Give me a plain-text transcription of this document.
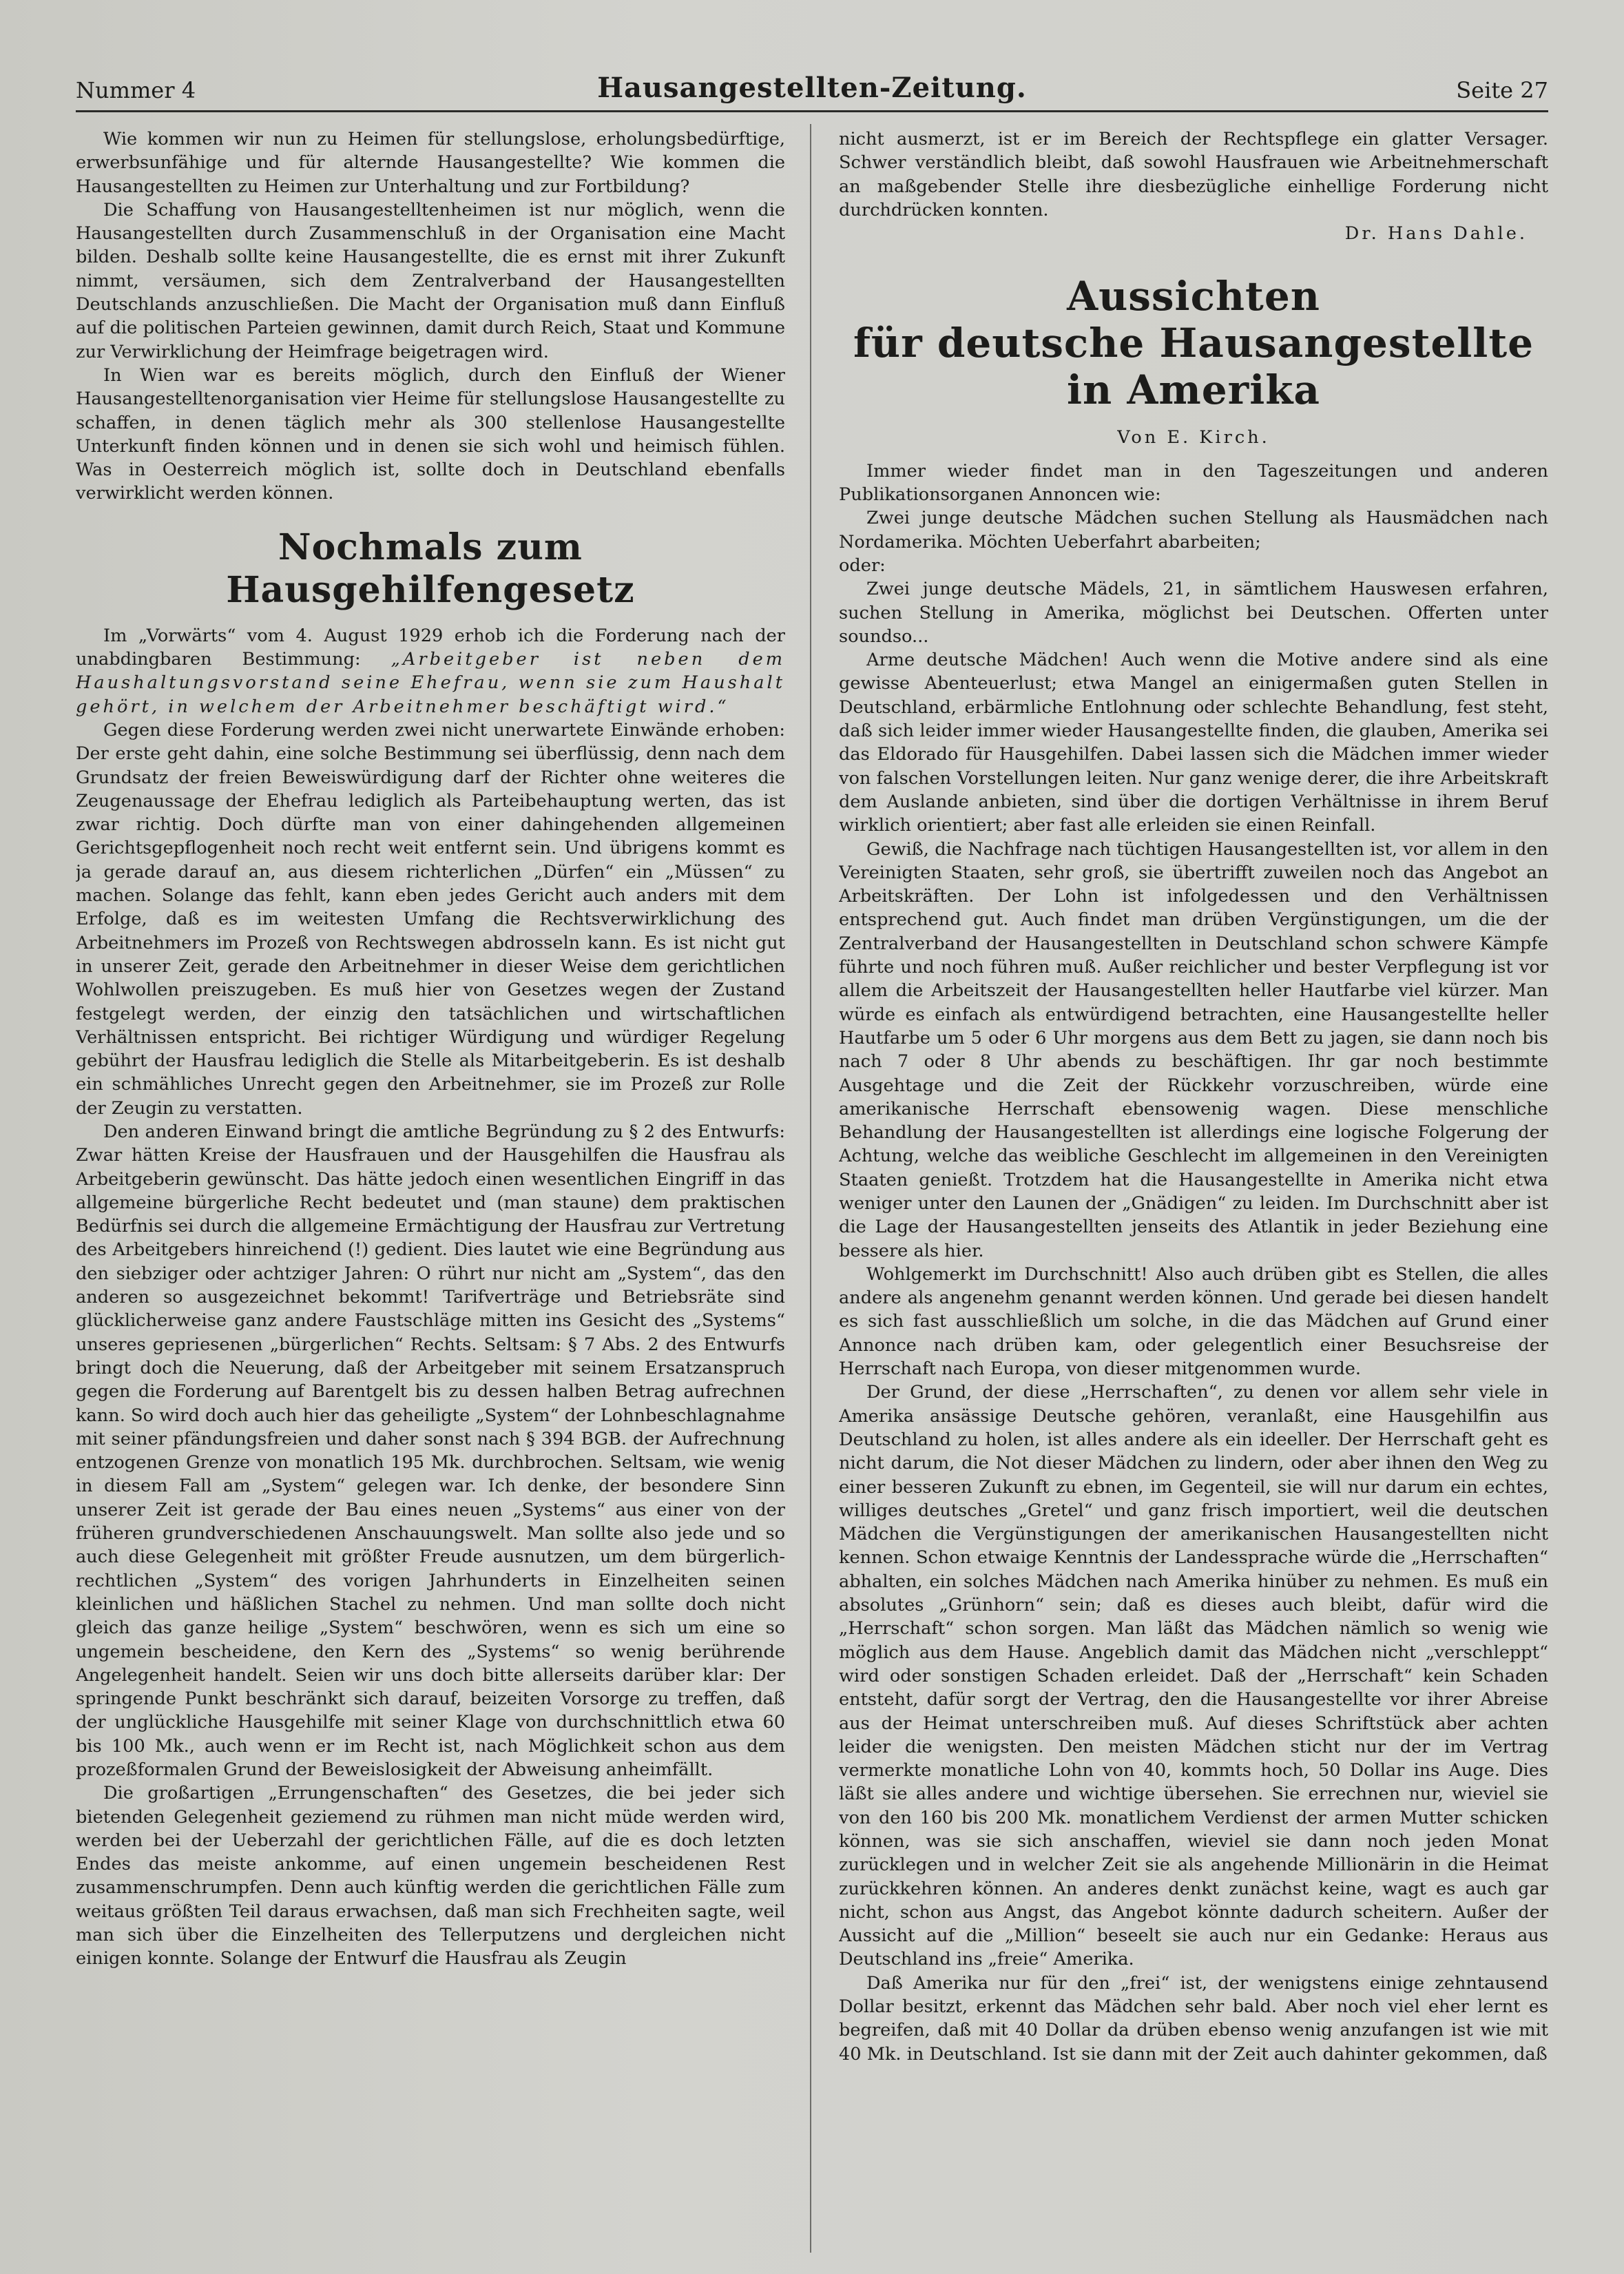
Nummer 4	Hausangestellten-Zeitung.	Seite 27

Wie kommen wir nun zu Heimen für stellungslose, erholungsbedürftige, erwerbsunfähige und für alternde Hausangestellte? Wie kommen die Hausangestellten zu Heimen zur Unterhaltung und zur Fortbildung?

Die Schaffung von Hausangestelltenheimen ist nur möglich, wenn die Hausangestellten durch Zusammenschluß in der Organisation eine Macht bilden. Deshalb sollte keine Hausangestellte, die es ernst mit ihrer Zukunft nimmt, versäumen, sich dem Zentralverband der Hausangestellten Deutschlands anzuschließen. Die Macht der Organisation muß dann Einfluß auf die politischen Parteien gewinnen, damit durch Reich, Staat und Kommune zur Verwirklichung der Heimfrage beigetragen wird.

In Wien war es bereits möglich, durch den Einfluß der Wiener Hausangestelltenorganisation vier Heime für stellungslose Hausangestellte zu schaffen, in denen täglich mehr als 300 stellenlose Hausangestellte Unterkunft finden können und in denen sie sich wohl und heimisch fühlen. Was in Oesterreich möglich ist, sollte doch in Deutschland ebenfalls verwirklicht werden können.

Nochmals zum Hausgehilfengesetz

Im „Vorwärts“ vom 4. August 1929 erhob ich die Forderung nach der unabdingbaren Bestimmung: „Arbeitgeber ist neben dem Haushaltungsvorstand seine Ehefrau, wenn sie zum Haushalt gehört, in welchem der Arbeitnehmer beschäftigt wird.“

Gegen diese Forderung werden zwei nicht unerwartete Einwände erhoben: Der erste geht dahin, eine solche Bestimmung sei überflüssig, denn nach dem Grundsatz der freien Beweiswürdigung darf der Richter ohne weiteres die Zeugenaussage der Ehefrau lediglich als Parteibehauptung werten, das ist zwar richtig. Doch dürfte man von einer dahingehenden allgemeinen Gerichtsgepflogenheit noch recht weit entfernt sein. Und übrigens kommt es ja gerade darauf an, aus diesem richterlichen „Dürfen“ ein „Müssen“ zu machen. Solange das fehlt, kann eben jedes Gericht auch anders mit dem Erfolge, daß es im weitesten Umfang die Rechtsverwirklichung des Arbeitnehmers im Prozeß von Rechtswegen abdrosseln kann. Es ist nicht gut in unserer Zeit, gerade den Arbeitnehmer in dieser Weise dem gerichtlichen Wohlwollen preiszugeben. Es muß hier von Gesetzes wegen der Zustand festgelegt werden, der einzig den tatsächlichen und wirtschaftlichen Verhältnissen entspricht. Bei richtiger Würdigung und würdiger Regelung gebührt der Hausfrau lediglich die Stelle als Mitarbeitgeberin. Es ist deshalb ein schmähliches Unrecht gegen den Arbeitnehmer, sie im Prozeß zur Rolle der Zeugin zu verstatten.

Den anderen Einwand bringt die amtliche Begründung zu § 2 des Entwurfs: Zwar hätten Kreise der Hausfrauen und der Hausgehilfen die Hausfrau als Arbeitgeberin gewünscht. Das hätte jedoch einen wesentlichen Eingriff in das allgemeine bürgerliche Recht bedeutet und (man staune) dem praktischen Bedürfnis sei durch die allgemeine Ermächtigung der Hausfrau zur Vertretung des Arbeitgebers hinreichend (!) gedient. Dies lautet wie eine Begründung aus den siebziger oder achtziger Jahren: O rührt nur nicht am „System“, das den anderen so ausgezeichnet bekommt! Tarifverträge und Betriebsräte sind glücklicherweise ganz andere Faustschläge mitten ins Gesicht des „Systems“ unseres gepriesenen „bürgerlichen“ Rechts. Seltsam: § 7 Abs. 2 des Entwurfs bringt doch die Neuerung, daß der Arbeitgeber mit seinem Ersatzanspruch gegen die Forderung auf Barentgelt bis zu dessen halben Betrag aufrechnen kann. So wird doch auch hier das geheiligte „System“ der Lohnbeschlagnahme mit seiner pfändungsfreien und daher sonst nach § 394 BGB. der Aufrechnung entzogenen Grenze von monatlich 195 Mk. durchbrochen. Seltsam, wie wenig in diesem Fall am „System“ gelegen war. Ich denke, der besondere Sinn unserer Zeit ist gerade der Bau eines neuen „Systems“ aus einer von der früheren grundverschiedenen Anschauungswelt. Man sollte also jede und so auch diese Gelegenheit mit größter Freude ausnutzen, um dem bürgerlich-rechtlichen „System“ des vorigen Jahrhunderts in Einzelheiten seinen kleinlichen und häßlichen Stachel zu nehmen. Und man sollte doch nicht gleich das ganze heilige „System“ beschwören, wenn es sich um eine so ungemein bescheidene, den Kern des „Systems“ so wenig berührende Angelegenheit handelt. Seien wir uns doch bitte allerseits darüber klar: Der springende Punkt beschränkt sich darauf, beizeiten Vorsorge zu treffen, daß der unglückliche Hausgehilfe mit seiner Klage von durchschnittlich etwa 60 bis 100 Mk., auch wenn er im Recht ist, nach Möglichkeit schon aus dem prozeßformalen Grund der Beweislosigkeit der Abweisung anheimfällt.

Die großartigen „Errungenschaften“ des Gesetzes, die bei jeder sich bietenden Gelegenheit geziemend zu rühmen man nicht müde werden wird, werden bei der Ueberzahl der gerichtlichen Fälle, auf die es doch letzten Endes das meiste ankomme, auf einen ungemein bescheidenen Rest zusammenschrumpfen. Denn auch künftig werden die gerichtlichen Fälle zum weitaus größten Teil daraus erwachsen, daß man sich Frechheiten sagte, weil man sich über die Einzelheiten des Tellerputzens und dergleichen nicht einigen konnte. Solange der Entwurf die Hausfrau als Zeugin

nicht ausmerzt, ist er im Bereich der Rechtspflege ein glatter Versager. Schwer verständlich bleibt, daß sowohl Hausfrauen wie Arbeitnehmerschaft an maßgebender Stelle ihre diesbezügliche einhellige Forderung nicht durchdrücken konnten.

Dr. Hans Dahle.
Aussichten
für deutsche Hausangestellte in Amerika
Von E. Kirch.

Immer wieder findet man in den Tageszeitungen und anderen Publikationsorganen Annoncen wie:

Zwei junge deutsche Mädchen suchen Stellung als Hausmädchen nach Nordamerika. Möchten Ueberfahrt abarbeiten;

oder:

Zwei junge deutsche Mädels, 21, in sämtlichem Hauswesen erfahren, suchen Stellung in Amerika, möglichst bei Deutschen. Offerten unter soundso...

Arme deutsche Mädchen! Auch wenn die Motive andere sind als eine gewisse Abenteuerlust; etwa Mangel an einigermaßen guten Stellen in Deutschland, erbärmliche Entlohnung oder schlechte Behandlung, fest steht, daß sich leider immer wieder Hausangestellte finden, die glauben, Amerika sei das Eldorado für Hausgehilfen. Dabei lassen sich die Mädchen immer wieder von falschen Vorstellungen leiten. Nur ganz wenige derer, die ihre Arbeitskraft dem Auslande anbieten, sind über die dortigen Verhältnisse in ihrem Beruf wirklich orientiert; aber fast alle erleiden sie einen Reinfall.

Gewiß, die Nachfrage nach tüchtigen Hausangestellten ist, vor allem in den Vereinigten Staaten, sehr groß, sie übertrifft zuweilen noch das Angebot an Arbeitskräften. Der Lohn ist infolgedessen und den Verhältnissen entsprechend gut. Auch findet man drüben Vergünstigungen, um die der Zentralverband der Hausangestellten in Deutschland schon schwere Kämpfe führte und noch führen muß. Außer reichlicher und bester Verpflegung ist vor allem die Arbeitszeit der Hausangestellten heller Hautfarbe viel kürzer. Man würde es einfach als entwürdigend betrachten, eine Hausangestellte heller Hautfarbe um 5 oder 6 Uhr morgens aus dem Bett zu jagen, sie dann noch bis nach 7 oder 8 Uhr abends zu beschäftigen. Ihr gar noch bestimmte Ausgehtage und die Zeit der Rückkehr vorzuschreiben, würde eine amerikanische Herrschaft ebensowenig wagen. Diese menschliche Behandlung der Hausangestellten ist allerdings eine logische Folgerung der Achtung, welche das weibliche Geschlecht im allgemeinen in den Vereinigten Staaten genießt. Trotzdem hat die Hausangestellte in Amerika nicht etwa weniger unter den Launen der „Gnädigen“ zu leiden. Im Durchschnitt aber ist die Lage der Hausangestellten jenseits des Atlantik in jeder Beziehung eine bessere als hier.

Wohlgemerkt im Durchschnitt! Also auch drüben gibt es Stellen, die alles andere als angenehm genannt werden können. Und gerade bei diesen handelt es sich fast ausschließlich um solche, in die das Mädchen auf Grund einer Annonce nach drüben kam, oder gelegentlich einer Besuchsreise der Herrschaft nach Europa, von dieser mitgenommen wurde.

Der Grund, der diese „Herrschaften“, zu denen vor allem sehr viele in Amerika ansässige Deutsche gehören, veranlaßt, eine Hausgehilfin aus Deutschland zu holen, ist alles andere als ein ideeller. Der Herrschaft geht es nicht darum, die Not dieser Mädchen zu lindern, oder aber ihnen den Weg zu einer besseren Zukunft zu ebnen, im Gegenteil, sie will nur darum ein echtes, williges deutsches „Gretel“ und ganz frisch importiert, weil die deutschen Mädchen die Vergünstigungen der amerikanischen Hausangestellten nicht kennen. Schon etwaige Kenntnis der Landessprache würde die „Herrschaften“ abhalten, ein solches Mädchen nach Amerika hinüber zu nehmen. Es muß ein absolutes „Grünhorn“ sein; daß es dieses auch bleibt, dafür wird die „Herrschaft“ schon sorgen. Man läßt das Mädchen nämlich so wenig wie möglich aus dem Hause. Angeblich damit das Mädchen nicht „verschleppt“ wird oder sonstigen Schaden erleidet. Daß der „Herrschaft“ kein Schaden entsteht, dafür sorgt der Vertrag, den die Hausangestellte vor ihrer Abreise aus der Heimat unterschreiben muß. Auf dieses Schriftstück aber achten leider die wenigsten. Den meisten Mädchen sticht nur der im Vertrag vermerkte monatliche Lohn von 40, kommts hoch, 50 Dollar ins Auge. Dies läßt sie alles andere und wichtige übersehen. Sie errechnen nur, wieviel sie von den 160 bis 200 Mk. monatlichem Verdienst der armen Mutter schicken können, was sie sich anschaffen, wieviel sie dann noch jeden Monat zurücklegen und in welcher Zeit sie als angehende Millionärin in die Heimat zurückkehren können. An anderes denkt zunächst keine, wagt es auch gar nicht, schon aus Angst, das Angebot könnte dadurch scheitern. Außer der Aussicht auf die „Million“ beseelt sie auch nur ein Gedanke: Heraus aus Deutschland ins „freie“ Amerika.

Daß Amerika nur für den „frei“ ist, der wenigstens einige zehntausend Dollar besitzt, erkennt das Mädchen sehr bald. Aber noch viel eher lernt es begreifen, daß mit 40 Dollar da drüben ebenso wenig anzufangen ist wie mit 40 Mk. in Deutschland. Ist sie dann mit der Zeit auch dahinter gekommen, daß
